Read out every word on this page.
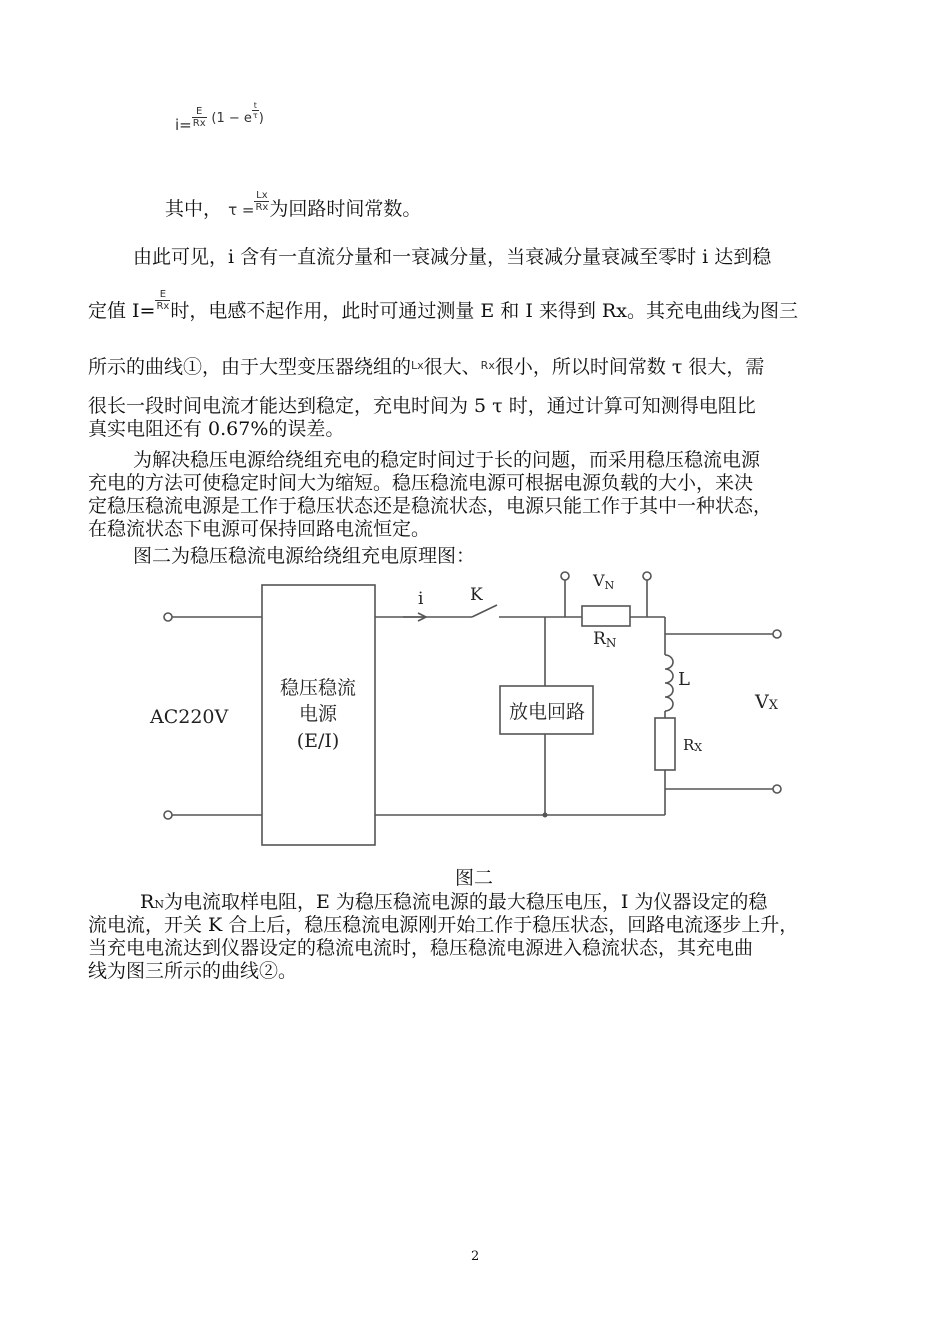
$i= \frac{E}{Rx} (1 - e \frac{t}{\tau}$ )
其中， $\tau = \frac{Lx}{Rx}$ 为回路时间常数。
由此可见，i 含有一直流分量和一衰减分量，当衰减分量衰减至零时 i 达到稳
定值 $I= \frac{E}{Rx}$ 时，电感不起作用，此时可通过测量 E 和 I 来得到 Rx。其充电曲线为图三
所示的曲线①，由于大型变压器绕组的$^{Lx}$很大、$^{Rx}$很小，所以时间常数 τ 很大，需
很长一段时间电流才能达到稳定，充电时间为 5 τ 时，通过计算可知测得电阻比
真实电阻还有 0.67%的误差。
为解决稳压电源给绕组充电的稳定时间过于长的问题，而采用稳压稳流电源
充电的方法可使稳定时间大为缩短。稳压稳流电源可根据电源负载的大小，来决
定稳压稳流电源是工作于稳压状态还是稳流状态，电源只能工作于其中一种状态，
在稳流状态下电源可保持回路电流恒定。
图二为稳压稳流电源给绕组充电原理图：
AC220V
稳压稳流
电源
(E/I)
i	K
VN
RN
放电回路
L
VX
RX
图二
RN为电流取样电阻，E 为稳压稳流电源的最大稳压电压，I 为仪器设定的稳
流电流，开关 K 合上后，稳压稳流电源刚开始工作于稳压状态，回路电流逐步上升，
当充电电流达到仪器设定的稳流电流时，稳压稳流电源进入稳流状态，其充电曲
线为图三所示的曲线②。
2
